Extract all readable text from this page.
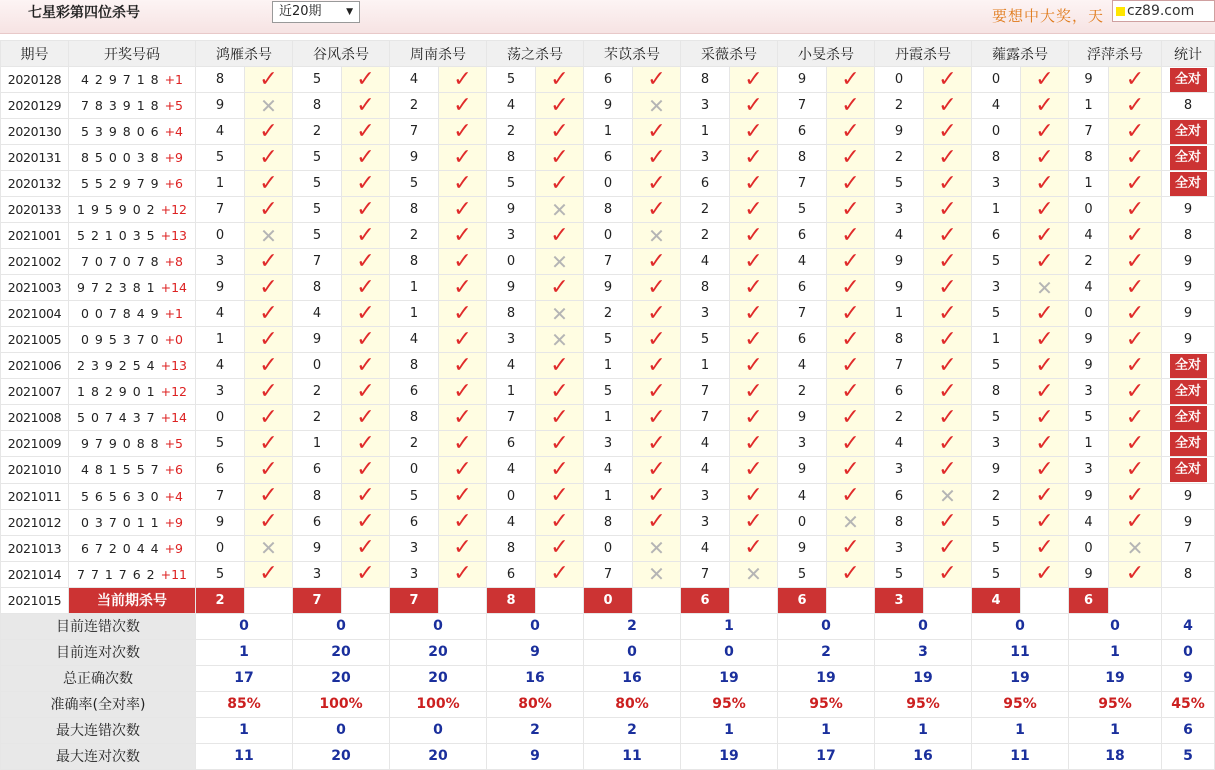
七星彩第四位杀号	近20期	▼	要想中大奖，天	cz89.com
期号	开奖号码	鸿雁杀号		谷风杀号		周南杀号		荡之杀号		芣苡杀号		采薇杀号		小旻杀号		丹霞杀号		蕹露杀号		浮萍杀号		统计
2020128	4 2 9 7 1 8 +1	8	✓	5	✓	4	✓	5	✓	6	✓	8	✓	9	✓	0	✓	0	✓	9	✓	全对
2020129	7 8 3 9 1 8 +5	9	✕	8	✓	2	✓	4	✓	9	✕	3	✓	7	✓	2	✓	4	✓	1	✓	8
2020130	5 3 9 8 0 6 +4	4	✓	2	✓	7	✓	2	✓	1	✓	1	✓	6	✓	9	✓	0	✓	7	✓	全对
2020131	8 5 0 0 3 8 +9	5	✓	5	✓	9	✓	8	✓	6	✓	3	✓	8	✓	2	✓	8	✓	8	✓	全对
2020132	5 5 2 9 7 9 +6	1	✓	5	✓	5	✓	5	✓	0	✓	6	✓	7	✓	5	✓	3	✓	1	✓	全对
2020133	1 9 5 9 0 2 +12	7	✓	5	✓	8	✓	9	✕	8	✓	2	✓	5	✓	3	✓	1	✓	0	✓	9
2021001	5 2 1 0 3 5 +13	0	✕	5	✓	2	✓	3	✓	0	✕	2	✓	6	✓	4	✓	6	✓	4	✓	8
2021002	7 0 7 0 7 8 +8	3	✓	7	✓	8	✓	0	✕	7	✓	4	✓	4	✓	9	✓	5	✓	2	✓	9
2021003	9 7 2 3 8 1 +14	9	✓	8	✓	1	✓	9	✓	9	✓	8	✓	6	✓	9	✓	3	✕	4	✓	9
2021004	0 0 7 8 4 9 +1	4	✓	4	✓	1	✓	8	✕	2	✓	3	✓	7	✓	1	✓	5	✓	0	✓	9
2021005	0 9 5 3 7 0 +0	1	✓	9	✓	4	✓	3	✕	5	✓	5	✓	6	✓	8	✓	1	✓	9	✓	9
2021006	2 3 9 2 5 4 +13	4	✓	0	✓	8	✓	4	✓	1	✓	1	✓	4	✓	7	✓	5	✓	9	✓	全对
2021007	1 8 2 9 0 1 +12	3	✓	2	✓	6	✓	1	✓	5	✓	7	✓	2	✓	6	✓	8	✓	3	✓	全对
2021008	5 0 7 4 3 7 +14	0	✓	2	✓	8	✓	7	✓	1	✓	7	✓	9	✓	2	✓	5	✓	5	✓	全对
2021009	9 7 9 0 8 8 +5	5	✓	1	✓	2	✓	6	✓	3	✓	4	✓	3	✓	4	✓	3	✓	1	✓	全对
2021010	4 8 1 5 5 7 +6	6	✓	6	✓	0	✓	4	✓	4	✓	4	✓	9	✓	3	✓	9	✓	3	✓	全对
2021011	5 6 5 6 3 0 +4	7	✓	8	✓	5	✓	0	✓	1	✓	3	✓	4	✓	6	✕	2	✓	9	✓	9
2021012	0 3 7 0 1 1 +9	9	✓	6	✓	6	✓	4	✓	8	✓	3	✓	0	✕	8	✓	5	✓	4	✓	9
2021013	6 7 2 0 4 4 +9	0	✕	9	✓	3	✓	8	✓	0	✕	4	✓	9	✓	3	✓	5	✓	0	✕	7
2021014	7 7 1 7 6 2 +11	5	✓	3	✓	3	✓	6	✓	7	✕	7	✕	5	✓	5	✓	5	✓	9	✓	8
2021015	当前期杀号	2		7		7		8		0		6		6		3		4		6		
目前连错次数		0		0		0		0		2		1		0		0		0		0		4
目前连对次数		1		20		20		9		0		0		2		3		11		1		0
总正确次数		17		20		20		16		16		19		19		19		19		19		9
准确率(全对率)		85%		100%		100%		80%		80%		95%		95%		95%		95%		95%		45%
最大连错次数		1		0		0		2		2		1		1		1		1		1		6
最大连对次数		11		20		20		9		11		19		17		16		11		18		5
